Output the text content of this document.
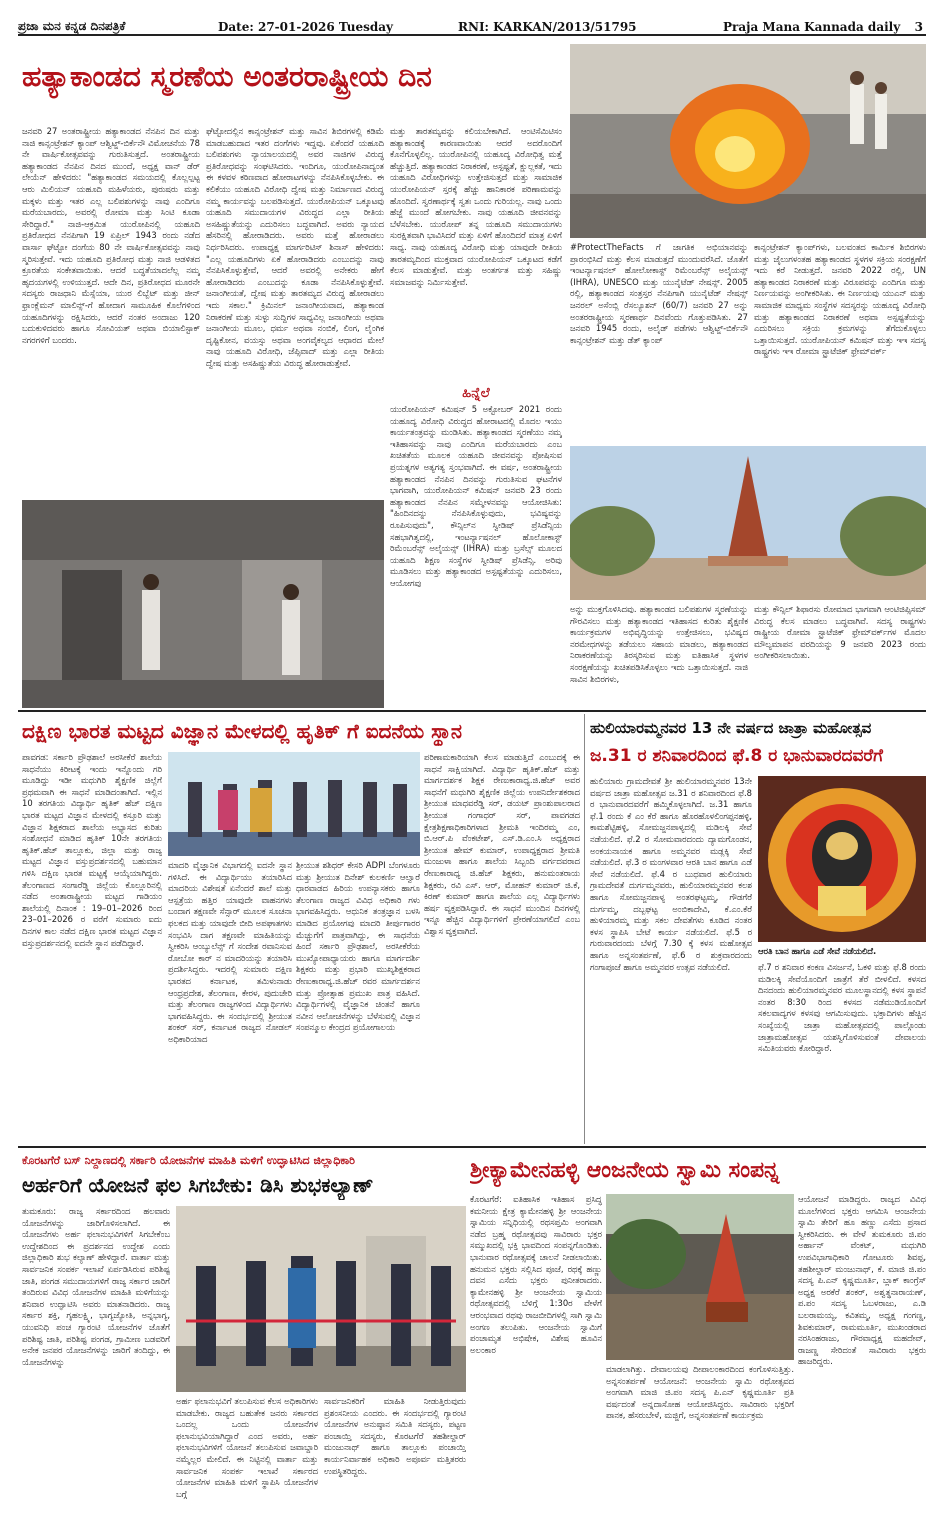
ಪ್ರಜಾ ಮನ ಕನ್ನಡ ದಿನಪತ್ರಿಕೆ	Date: 27-01-2026 Tuesday	RNI: KARKAN/2013/51795	Praja Mana Kannada daily	3
ಹತ್ಯಾಕಾಂಡದ ಸ್ಮರಣೆಯ ಅಂತರರಾಷ್ಟ್ರೀಯ ದಿನ
ಜನವರಿ 27 ಅಂತರಾಷ್ಟ್ರೀಯ ಹತ್ಯಾಕಾಂಡದ ನೆನಪಿನ ದಿನ ಮತ್ತು ನಾಜಿ ಕಾನ್ಸಂಟ್ರೇಶನ್ ಕ್ಯಾಂಪ್ ಆಶ್ವಿಟ್ಜ್-ಬಿರ್ಕೆನೌ ವಿಮೋಚನೆಯ 78 ನೇ ವಾರ್ಷಿಕೋತ್ಸವವನ್ನು ಗುರುತಿಸುತ್ತದೆ. ಅಂತರಾಷ್ಟ್ರೀಯ ಹತ್ಯಾಕಾಂಡದ ನೆನಪಿನ ದಿನದ ಮುಂದೆ, ಅಧ್ಯಕ್ಷ ವಾನ್ ಡೆರ್ ಲೇಯೆನ್ ಹೇಳಿದರು: "ಹತ್ಯಾಕಾಂಡದ ಸಮಯದಲ್ಲಿ ಕೊಲ್ಲಲ್ಪಟ್ಟ ಆರು ಮಿಲಿಯನ್ ಯಹೂದಿ ಮಹಿಳೆಯರು, ಪುರುಷರು ಮತ್ತು ಮಕ್ಕಳು ಮತ್ತು ಇತರ ಎಲ್ಲ ಬಲಿಪಶುಗಳನ್ನು ನಾವು ಎಂದಿಗೂ ಮರೆಯಬಾರದು, ಅವರಲ್ಲಿ ರೋಮಾ ಮತ್ತು ಸಿಂಟಿ ಕೂಡಾ ಸೇರಿದ್ದಾರೆ." ನಾಜಿ-ಆಕ್ರಮಿತ ಯುರೋಪಿನಲ್ಲಿ ಯಹೂದಿ ಪ್ರತಿರೋಧದ ನೆನಪಿಗಾಗಿ 19 ಏಪ್ರಿಲ್ 1943 ರಂದು ನಡೆದ ವಾರ್ಸಾ ಘೆಟ್ಟೋ ದಂಗೆಯ 80 ನೇ ವಾರ್ಷಿಕೋತ್ಸವವನ್ನು ನಾವು ಸ್ಮರಿಸುತ್ತೇವೆ. ಇದು ಯಹೂದಿ ಪ್ರತಿರೋಧ ಮತ್ತು ನಾಜಿ ಆಡಳಿತದ ಕ್ರೂರತೆಯ ಸಂಕೇತವಾಯಿತು. ಆದರೆ ಬದ್ಧತೆಯಾದಲೆಲ್ಲ ನಮ್ಮ ಹೃದಯಗಳಲ್ಲಿ ಉಳಿಯುತ್ತದೆ. ಆದೇ ದಿನ, ಪ್ರತಿರೋಧದ ಮೂರನೇ ಸದಸ್ಯರು ರಾಜಧಾನಿ ಮೆಸ್ಸೆಯಾ, ಯುರ ಲಿಬ್ಬೆಟ್ ಮತ್ತು ಜೀನ್ ಫ್ರಾಂಕ್ಲೆಮನ್ ಮಾಲಿನ್ಸ್-ಗೆ ಹೋದಾಗ ಸಾಮೂಹಿಕ ಕೊಲೆಗಳಿಂದ ಯಹೂದಿಗಳನ್ನು ರಕ್ಷಿಸಿದರು, ಆದರೆ ನಂತರ ಅಂದಾಜು 120 ಬದುಕುಳಿದವರು ಹಾಗೂ ಸೋವಿಯತ್ ಅಥವಾ ಬಿಯಾಲಿಸ್ಟಾಕ್ ನಗರಗಳಿಗೆ ಬಂದರು.
ಘೆಟ್ಟೋದಲ್ಲಿನ ಕಾನ್ಸಂಟ್ರೇಶನ್ ಮತ್ತು ಸಾವಿನ ಶಿಬಿರಗಳಲ್ಲಿ ಕಡಿಮೆ ಮಾಡಬಹುದಾದ ಇತರ ದಂಗೆಗಳು ಇದ್ದವು. ಏಕೆಂದರೆ ಯಹೂದಿ ಬಲಿಪಶುಗಳು ನ್ಯಾಯಾಲಯದಲ್ಲಿ ಅವರ ನಾಜಿಗಳ ವಿರುದ್ಧ ಪ್ರತಿರೋಧವನ್ನು ಸಂಘಟಿಸಿದರು. ಇಂದಿಗೂ, ಯುರೋಪಿನಾದ್ಯಂತ ಈ ಕಳವಳ ಕಠಿಣವಾದ ಹೋರಾಟಗಳನ್ನು ನೆನಪಿಸಿಕೊಳ್ಳಬೇಕು. ಈ ಕಲಿಕೆಯು ಯಹೂದಿ ವಿರೋಧಿ ದ್ವೇಷ ಮತ್ತು ನಿರ್ಮಾಣದ ವಿರುದ್ಧ ನಮ್ಮ ಕಾರ್ಯವನ್ನು ಬಲಪಡಿಸುತ್ತದೆ. ಯುರೋಪಿಯನ್ ಒಕ್ಕೂಟವು ಯಹೂದಿ ಸಮುದಾಯಗಳ ವಿರುದ್ಧದ ಎಲ್ಲಾ ರೀತಿಯ ಅಸಹಿಷ್ಣುತೆಯನ್ನು ಎದುರಿಸಲು ಬದ್ಧವಾಗಿದೆ. ಅವರು ನ್ಯಾಯದ ಹೆಸರಿನಲ್ಲಿ ಹೋರಾಡಿದರು. ಅವರು ಮತ್ತೆ ಹೋರಾಡಲು ನಿರ್ಧರಿಸಿದರು. ಉಪಾಧ್ಯಕ್ಷ ಮಾರ್ಗರಿಟಿಸ್ ಶಿನಾಸ್ ಹೇಳಿದರು: "ಎಲ್ಲ ಯಹೂದಿಗಳು ಏಕೆ ಹೋರಾಡಿದರು ಎಂಬುದನ್ನು ನಾವು ನೆನಪಿಸಿಕೊಳ್ಳುತ್ತೇವೆ, ಆದರೆ ಅವರಲ್ಲಿ ಅನೇಕರು ಹೇಗೆ ಹೋರಾಡಿದರು ಎಂಬುದನ್ನು ಕೂಡಾ ನೆನಪಿಸಿಕೊಳ್ಳುತ್ತೇವೆ. ಜನಾಂಗೀಯತೆ, ದ್ವೇಷ ಮತ್ತು ತಾರತಮ್ಯದ ವಿರುದ್ಧ ಹೋರಾಡಲು ಇದು ಸಕಾಲ." ಕ್ರಿಮಿನಲ್ ಜನಾಂಗೀಯವಾದ, ಹತ್ಯಾಕಾಂಡ ನಿರಾಕರಣೆ ಮತ್ತು ಸುಳ್ಳು ಸುದ್ದಿಗಳ ಸಾಧ್ಯವಿಲ್ಲ ಜನಾಂಗೀಯ ಅಥವಾ ಜನಾಂಗೀಯ ಮೂಲ, ಧರ್ಮ ಅಥವಾ ನಂಬಿಕೆ, ಲಿಂಗ, ಲೈಂಗಿಕ ದೃಷ್ಟಿಕೋನ, ವಯಸ್ಸು ಅಥವಾ ಅಂಗವೈಕಲ್ಯದ ಆಧಾರದ ಮೇಲೆ ನಾವು ಯಹೂದಿ ವಿರೋಧಿ, ಜೆಪ್ಸಿವಾದ್ ಮತ್ತು ಎಲ್ಲಾ ರೀತಿಯ ದ್ವೇಷ ಮತ್ತು ಅಸಹಿಷ್ಣುತೆಯ ವಿರುದ್ಧ ಹೋರಾಡುತ್ತೇವೆ.
ಮತ್ತು ತಾರತಮ್ಯವನ್ನು ಕಲಿಯಬೇಕಾಗಿದೆ. ಆಂಟಿಸೆಮಿಟಿಸಂ ಹತ್ಯಾಕಾಂಡಕ್ಕೆ ಕಾರಣವಾಯಿತು ಆದರೆ ಅದರೊಂದಿಗೆ ಕೊನೆಗೊಳ್ಳಲಿಲ್ಲ. ಯುರೋಪಿನಲ್ಲಿ ಯಹೂದ್ಯ ವಿರೋಧಿತ್ವ ಮತ್ತೆ ಹೆಚ್ಚುತ್ತಿದೆ. ಹತ್ಯಾಕಾಂಡದ ನಿರಾಕರಣೆ, ಅಸ್ಪಷ್ಟತೆ, ಕ್ಷುಲ್ಲಕತೆ, ಇದು ಯಹೂದಿ ವಿರೋಧಿಗಳನ್ನು ಉತ್ತೇಜಿಸುತ್ತದೆ ಮತ್ತು ಸಾಮಾಜಿಕ ಯುರೋಪಿಯನ್ ಸ್ತರಕ್ಕೆ ಹೆಚ್ಚು ಹಾನಿಕಾರಕ ಪರಿಣಾಮವನ್ನು ಹೊಂದಿದೆ. ಸ್ವರಣಾರ್ಥಕ್ಕೆ ಸ್ವತಃ ಒಂದು ಗುರಿಯಲ್ಲ. ನಾವು ಒಂದು ಹೆಜ್ಜೆ ಮುಂದೆ ಹೋಗಬೇಕು. ನಾವು ಯಹೂದಿ ಜೀವನವನ್ನು ಬೆಳೆಸಬೇಕು. ಯುರೋಪ್ ತನ್ನ ಯಹೂದಿ ಸಮುದಾಯಗಳು ಸುರಕ್ಷಿತವಾಗಿ ಭಾವಿಸಿದರೆ ಮತ್ತು ಏಳಿಗೆ ಹೊಂದಿದರೆ ಮಾತ್ರ ಏಳಿಗೆ ಸಾಧ್ಯ. ನಾವು ಯಹೂದ್ಯ ವಿರೋಧಿ ಮತ್ತು ಯಾವುದೇ ರೀತಿಯ ತಾರತಮ್ಯದಿಂದ ಮುಕ್ತವಾದ ಯುರೋಪಿಯನ್ ಒಕ್ಕೂಟದ ಕಡೆಗೆ ಕೆಲಸ ಮಾಡುತ್ತೇವೆ. ಮತ್ತು ಅಂತರ್ಗತ ಮತ್ತು ಸಹಿಷ್ಣು ಸಮಾಜವನ್ನು ನಿರ್ಮಿಸುತ್ತೇವೆ.
ಹಿನ್ನೆಲೆ
ಯುರೋಪಿಯನ್ ಕಮಿಷನ್ 5 ಅಕ್ಟೋಬರ್ 2021 ರಂದು ಯಹೂದ್ಯ ವಿರೋಧಿ ವಿರುದ್ಧದ ಹೋರಾಟದಲ್ಲಿ ಮೊದಲ ಇಯು ಕಾರ್ಯತಂತ್ರವನ್ನು ಮಂಡಿಸಿತು. ಹತ್ಯಾಕಾಂಡದ ಸ್ಮರಣೆಯು ನಮ್ಮ ಇತಿಹಾಸವನ್ನು ನಾವು ಎಂದಿಗೂ ಮರೆಯಬಾರದು ಎಂಬ ಖಚಿತತೆಯ ಮೂಲಕ ಯಹೂದಿ ಜೀವನವನ್ನು ಪೋಷಿಸುವ ಪ್ರಯತ್ನಗಳ ಅತ್ಯಗತ್ಯ ಸ್ತಂಭವಾಗಿದೆ. ಈ ವರ್ಷ, ಅಂತರಾಷ್ಟ್ರೀಯ ಹತ್ಯಾಕಾಂಡದ ನೆನಪಿನ ದಿನವನ್ನು ಗುರುತಿಸುವ ಘಟನೆಗಳ ಭಾಗವಾಗಿ, ಯುರೋಪಿಯನ್ ಕಮಿಷನ್ ಜನವರಿ 23 ರಂದು ಹತ್ಯಾಕಾಂಡದ ನೆನಪಿನ ಸಮ್ಮೇಳನವನ್ನು ಆಯೋಜಿಸಿತು: "ಹಿಂದಿನದನ್ನು ನೆನಪಿಸಿಕೊಳ್ಳುವುದು, ಭವಿಷ್ಯವನ್ನು ರೂಪಿಸುವುದು", ಕೌನ್ಸಿಲ್‌ನ ಸ್ವೀಡಿಷ್ ಪ್ರೆಸಿಡೆನ್ಸಿಯ ಸಹಭಾಗಿತ್ವದಲ್ಲಿ, ಇಂಟರ್ನ್ಯಾಷನಲ್ ಹೊಲೋಕಾಸ್ಟ್ ರಿಮೆಂಬರೆನ್ಸ್ ಅಲೈಯನ್ಸ್ (IHRA) ಮತ್ತು ಬ್ರಸೆಲ್ಸ್ ಮೂಲದ ಯಹೂದಿ ಶಿಕ್ಷಣ ಸಂಸ್ಥೆಗಳ ಸ್ವೀಡಿಷ್ ಪ್ರೆಸಿಡೆನ್ಸಿ. ಅರಿವು ಮೂಡಿಸಲು ಮತ್ತು ಹತ್ಯಾಕಾಂಡದ ಅಸ್ಪಷ್ಟತೆಯನ್ನು ಎದುರಿಸಲು, ಆಯೋಗವು
#ProtectTheFacts ಗೆ ಜಾಗತಿಕ ಅಭಿಯಾನವನ್ನು ಪ್ರಾರಂಭಿಸಿದೆ ಮತ್ತು ಕೆಲಸ ಮಾಡುತ್ತದೆ ಮುಂದುವರೆಸಿದೆ. ಜೊತೆಗೆ ಇಂಟರ್ನ್ಯಾಷನಲ್ ಹೋಲೋಕಾಸ್ಟ್ ರಿಮೆಂಬರೆನ್ಸ್ ಅಲೈಯನ್ಸ್ (IHRA), UNESCO ಮತ್ತು ಯುನೈಟೆಡ್ ನೇಷನ್ಸ್. 2005 ರಲ್ಲಿ, ಹತ್ಯಾಕಾಂಡದ ಸಂತ್ರಸ್ತರ ನೆನಪಿಗಾಗಿ ಯುನೈಟೆಡ್ ನೇಷನ್ಸ್ ಜನರಲ್ ಅಸೆಂಬ್ಲಿ ರೆಸಲ್ಯೂಶನ್ (60/7) ಜನವರಿ 27 ಅನ್ನು ಅಂತರರಾಷ್ಟ್ರೀಯ ಸ್ಮರಣಾರ್ಥ ದಿನವೆಂದು ಗೊತ್ತುಪಡಿಸಿತು. 27 ಜನವರಿ 1945 ರಂದು, ಅಲೈಡ್ ಪಡೆಗಳು ಆಶ್ವಿಟ್ಜ್-ಬಿರ್ಕೆನೌ ಕಾನ್ಸಂಟ್ರೇಶನ್ ಮತ್ತು ಡೆತ್ ಕ್ಯಾಂಪ್
ಕಾನ್ಸಂಟ್ರೇಶನ್ ಕ್ಯಾಂಪ್‌ಗಳು, ಬಲವಂತದ ಕಾರ್ಮಿಕ ಶಿಬಿರಗಳು ಮತ್ತು ಜೈಲುಗಳಂತಹ ಹತ್ಯಾಕಾಂಡದ ಸ್ಥಳಗಳ ಸಕ್ರಿಯ ಸಂರಕ್ಷಣೆಗೆ ಇದು ಕರೆ ನೀಡುತ್ತದೆ. ಜನವರಿ 2022 ರಲ್ಲಿ, UN ಹತ್ಯಾಕಾಂಡದ ನಿರಾಕರಣೆ ಮತ್ತು ವಿರೂಪವನ್ನು ಎಂದಿಗೂ ಮತ್ತು ನಿರ್ಣಯವನ್ನು ಅಂಗೀಕರಿಸಿತು. ಈ ನಿರ್ಣಯವು ಯುಎನ್ ಮತ್ತು ಸಾಮಾಜಿಕ ಮಾಧ್ಯಮ ಸಂಸ್ಥೆಗಳ ಸದಸ್ಯರನ್ನು ಯಹೂದ್ಯ ವಿರೋಧಿ ಮತ್ತು ಹತ್ಯಾಕಾಂಡದ ನಿರಾಕರಣೆ ಅಥವಾ ಅಸ್ಪಷ್ಟತೆಯನ್ನು ಎದುರಿಸಲು ಸಕ್ರಿಯ ಕ್ರಮಗಳನ್ನು ತೆಗೆದುಕೊಳ್ಳಲು ಒತ್ತಾಯಿಸುತ್ತದೆ. ಯುರೋಪಿಯನ್ ಕಮಿಷನ್ ಮತ್ತು ಇಇ ಸದಸ್ಯ ರಾಷ್ಟ್ರಗಳು ಇಇ ರೋಮಾ ಸ್ಟ್ರಾಟೆಜಿಕ್ ಫ್ರೇಮ್‌ವರ್ಕ್
ಅನ್ನು ಮುಕ್ತಗೊಳಿಸಿದವು. ಹತ್ಯಾಕಾಂಡದ ಬಲಿಪಶುಗಳ ಸ್ಮರಣೆಯನ್ನು ಗೌರವಿಸಲು ಮತ್ತು ಹತ್ಯಾಕಾಂಡದ ಇತಿಹಾಸದ ಕುರಿತು ಶೈಕ್ಷಣಿಕ ಕಾರ್ಯಕ್ರಮಗಳ ಅಭಿವೃದ್ಧಿಯನ್ನು ಉತ್ತೇಜಿಸಲು, ಭವಿಷ್ಯದ ನರಮೇಧಗಳನ್ನು ತಡೆಯಲು ಸಹಾಯ ಮಾಡಲು, ಹತ್ಯಾಕಾಂಡದ ನಿರಾಕರಣೆಯನ್ನು ತಿರಸ್ಕರಿಸುವ ಮತ್ತು ಐತಿಹಾಸಿಕ ಸ್ಥಳಗಳ ಸಂರಕ್ಷಣೆಯನ್ನು ಖಚಿತಪಡಿಸಿಕೊಳ್ಳಲು ಇದು ಒತ್ತಾಯಿಸುತ್ತದೆ. ನಾಜಿ ಸಾವಿನ ಶಿಬಿರಗಳು,
ಮತ್ತು ಕೌನ್ಸಿಲ್ ಶಿಫಾರಸು ರೋಮಾದ ಭಾಗವಾಗಿ ಆಂಟಿಜಿಪ್ಸಿಸಮ್ ವಿರುದ್ಧ ಕೆಲಸ ಮಾಡಲು ಬದ್ಧವಾಗಿವೆ. ಸದಸ್ಯ ರಾಷ್ಟ್ರಗಳು ರಾಷ್ಟ್ರೀಯ ರೋಮಾ ಸ್ಟ್ರಾಟೆಜಿಕ್ ಫ್ರೇಮ್‌ವರ್ಕ್‌ಗಳ ಮೊದಲ ಮೌಲ್ಯಮಾಪನ ವರದಿಯನ್ನು 9 ಜನವರಿ 2023 ರಂದು ಅಂಗೀಕರಿಸಲಾಯಿತು.
ದಕ್ಷಿಣ ಭಾರತ ಮಟ್ಟದ ವಿಜ್ಞಾನ ಮೇಳದಲ್ಲಿ ಹೃತಿಕ್ ಗೆ ಐದನೆಯ ಸ್ಥಾನ
ಪಾವಗಡ: ಸರ್ಕಾರಿ ಪ್ರೌಢಶಾಲೆ ಅರಸೀಕೆರೆ ಶಾಲೆಯ ಸಾಧನೆಯು ಕಿರೀಟಕ್ಕೆ ಇಂದು ಇನ್ನೊಂದು ಗರಿ ಮೂಡಿದ್ದು ಇಡೀ ಮಧುಗಿರಿ ಶೈಕ್ಷಣಿಕ ಜಿಲ್ಲೆಗೆ ಪ್ರಥಮವಾಗಿ ಈ ಸಾಧನೆ ಮಾಡಿದಂತಾಗಿದೆ. ಇಲ್ಲಿನ 10 ತರಗತಿಯ ವಿದ್ಯಾರ್ಥಿ ಹೃತಿಕ್ ಹೆಚ್ ದಕ್ಷಿಣ ಭಾರತ ಮಟ್ಟದ ವಿಜ್ಞಾನ ಮೇಳದಲ್ಲಿ ಕಸ್ತೂರಿ ಮತ್ತು ವಿಜ್ಞಾನ ಶಿಕ್ಷಕರಾದ ಶಾಲೆಯ ಅಭ್ಯಾಸದ ಕುರಿತು ಸಂಶೋಧನೆ ಮಾಡಿದ ಹೃತಿಕ್ 10ನೇ ತರಗತಿಯ ಹೃತಿಕ್.ಹೆಚ್ ತಾಲ್ಲೂಕು, ಜಿಲ್ಲಾ ಮತ್ತು ರಾಜ್ಯ ಮಟ್ಟದ ವಿಜ್ಞಾನ ವಸ್ತುಪ್ರದರ್ಶನದಲ್ಲಿ ಬಹುಮಾನ ಗಳಿಸಿ ದಕ್ಷಿಣ ಭಾರತ ಮಟ್ಟಕ್ಕೆ ಆಯ್ಕೆಯಾಗಿದ್ದರು. ತೆಲಂಗಾಣದ ಸಂಗಾರೆಡ್ಡಿ ಜಿಲ್ಲೆಯ ಕೊಲ್ಲೂರಿನಲ್ಲಿ ನಡೆದ ಅಂತಾರಾಷ್ಟ್ರೀಯ ಮಟ್ಟದ ಗಾಡಿಯಂ ಶಾಲೆಯಲ್ಲಿ ದಿನಾಂಕ : 19–01–2026 ರಿಂದ 23–01–2026 ರ ವರೆಗೆ ಸುಮಾರು ಐದು ದಿನಗಳ ಕಾಲ ನಡೆದ ದಕ್ಷಿಣ ಭಾರತ ಮಟ್ಟದ ವಿಜ್ಞಾನ ವಸ್ತುಪ್ರದರ್ಶನದಲ್ಲಿ ಐದನೇ ಸ್ಥಾನ ಪಡೆದಿದ್ದಾರೆ.
ಮಾದರಿ ವೈಜ್ಞಾನಿಕ ವಿಭಾಗದಲ್ಲಿ ಐದನೇ ಸ್ಥಾನ ಗಳಿಸಿದೆ. ಈ ವಿದ್ಯಾರ್ಥಿಯು ತಯಾರಿಸಿದ ಮಾದರಿಯ ವಿಶೇಷತೆ ಏನೆಂದರೆ ಶಾಲೆ ಮತ್ತು ಆಸ್ಪತ್ರೆಯ ಹತ್ತಿರ ಯಾವುದೇ ವಾಹನಗಳು ಬಂದಾಗ ತಕ್ಷಣವೇ ಸೆನ್ಸಾರ್ ಮೂಲಕ ಸೂಚನಾ ಫಲಕದ ಮತ್ತು ಯಾವುದೇ ಬೀದಿ ಅಪಘಾತಗಳು ಸಂಭವಿಸಿ ದಾಗ ತಕ್ಷಣವೇ ಮಾಹಿತಿಯನ್ನು ಸ್ವೀಕರಿಸಿ ಆಂಬ್ಯುಲೆನ್ಸ್ ಗೆ ಸಂದೇಶ ರವಾನಿಸುವ ರೋಬೋ ಕಾರ್ ನ ಮಾದರಿಯನ್ನು ತಯಾರಿಸಿ ಪ್ರದರ್ಶಿಸಿದ್ದರು. ಇದರಲ್ಲಿ ಸುಮಾರು ದಕ್ಷಿಣ ಭಾರತದ ಕರ್ನಾಟಕ, ತಮಿಳುನಾಡು ಆಂಧ್ರಪ್ರದೇಶ, ತೆಲಂಗಾಣ, ಕೇರಳ, ಪುದುಚೇರಿ ಮತ್ತು ತೆಲಂಗಾಣ ರಾಜ್ಯಗಳಿಂದ ವಿದ್ಯಾರ್ಥಿಗಳು ಭಾಗವಹಿಸಿದ್ದರು. ಈ ಸಂದರ್ಭದಲ್ಲಿ ಶ್ರೀಯುತ ಶಂಕರ್ ಸರ್, ಕರ್ನಾಟಕ ರಾಜ್ಯದ ನೋಡಲ್ ಅಧಿಕಾರಿಯಾದ
ಶ್ರೀಯುತ ಶಶಿಧರ್ ಕೇಸರಿ ADPI ಬೆಂಗಳೂರು ಮತ್ತು ಶ್ರೀಯುತ ದಿನೇಶ್ ಕುಲಕರ್ಣಿ ಆಲ್ವಾರೆ ಧಾರವಾಡದ ಹಿರಿಯ ಉಪನ್ಯಾಸಕರು ಹಾಗೂ ತೆಲಂಗಾಣ ರಾಜ್ಯದ ವಿವಿಧ ಅಧಿಕಾರಿ ಗಳು ಭಾಗವಹಿಸಿದ್ದರು. ಆಧುನಿಕ ತಂತ್ರಜ್ಞಾನ ಬಳಸಿ ಮಾಡಿದ ಪ್ರಯೋಗವು ಮಾದರಿ ತೀರ್ಪುಗಾರರ ಮೆಚ್ಚುಗೆಗೆ ಪಾತ್ರವಾಗಿದ್ದು, ಈ ಸಾಧನೆಯ ಹಿಂದೆ ಸರ್ಕಾರಿ ಪ್ರೌಢಶಾಲೆ, ಅರಸೀಕೆರೆಯ ಮುಖ್ಯೋಪಾಧ್ಯಾಯರು ಹಾಗೂ ಮಾರ್ಗದರ್ಶಿ ಶಿಕ್ಷಕರು ಮತ್ತು ಪ್ರಭಾರಿ ಮುಖ್ಯಶಿಕ್ಷಕರಾದ ರೇಣುಕಾರಾಧ್ಯ.ಜಿ.ಹೆಚ್ ರವರ ಮಾರ್ಗದರ್ಶನ ಮತ್ತು ಪ್ರೋತ್ಸಾಹ ಪ್ರಮುಖ ಪಾತ್ರ ವಹಿಸಿದೆ. ವಿದ್ಯಾರ್ಥಿಗಳಲ್ಲಿ ವೈಜ್ಞಾನಿಕ ಚಿಂತನೆ ಹಾಗೂ ನವೀನ ಆಲೋಚನೆಗಳನ್ನು ಬೆಳೆಸುವಲ್ಲಿ ವಿಜ್ಞಾನ ಸಂಪನ್ಮೂಲ ಕೇಂದ್ರದ ಪ್ರಯೋಗಾಲಯ
ಪರಿಣಾಮಕಾರಿಯಾಗಿ ಕೆಲಸ ಮಾಡುತ್ತಿದೆ ಎಂಬುದಕ್ಕೆ ಈ ಸಾಧನೆ ಸಾಕ್ಷಿಯಾಗಿದೆ. ವಿದ್ಯಾರ್ಥಿ ಹೃತಿಕ್.ಹೆಚ್ ಮತ್ತು ಮಾರ್ಗದರ್ಶಕ ಶಿಕ್ಷಕ ರೇಣುಕಾರಾಧ್ಯ.ಜಿ.ಹೆಚ್ ಅವರ ಸಾಧನೆಗೆ ಮಧುಗಿರಿ ಶೈಕ್ಷಣಿಕ ಜಿಲ್ಲೆಯ ಉಪನಿರ್ದೇಶಕರಾದ ಶ್ರೀಯುತ ಮಾಧವರೆಡ್ಡಿ ಸರ್, ಡಯಟ್ ಪ್ರಾಂಶುಪಾಲರಾದ ಶ್ರೀಯುತ ಗಂಗಾಧರ್ ಸರ್, ಪಾವಗಡದ ಕ್ಷೇತ್ರಶಿಕ್ಷಣಾಧಿಕಾರಿಗಳಾದ ಶ್ರೀಮತಿ ಇಂದಿರಮ್ಮ ಎಂ, ಬಿ.ಆರ್.ಪಿ ವೆಂಕಟೇಶ್, ಎಸ್.ಡಿ.ಎಂ.ಸಿ ಅಧ್ಯಕ್ಷರಾದ ಶ್ರೀಯುತ ಹೇಮ್ ಕುಮಾರ್, ಉಪಾಧ್ಯಕ್ಷರಾದ ಶ್ರೀಮತಿ ಮಂಜುಳಾ ಹಾಗೂ ಶಾಲೆಯ ಸಿಬ್ಬಂದಿ ವರ್ಗದವರಾದ ರೇಣುಕಾರಾಧ್ಯ ಜಿ.ಹೆಚ್ ಶಿಕ್ಷಕರು, ಹನುಮಂತರಾಯ ಶಿಕ್ಷಕರು, ರವಿ ಎಸ್. ಆರ್, ಮೋಹನ್ ಕುಮಾರ್ ಜಿ.ಕೆ, ಕಿರಣ್ ಕುಮಾರ್ ಹಾಗೂ ಶಾಲೆಯ ಎಲ್ಲ ವಿದ್ಯಾರ್ಥಿಗಳು ಹರ್ಷ ವ್ಯಕ್ತಪಡಿಸಿದ್ದಾರೆ. ಈ ಸಾಧನೆ ಮುಂದಿನ ದಿನಗಳಲ್ಲಿ ಇನ್ನೂ ಹೆಚ್ಚಿನ ವಿದ್ಯಾರ್ಥಿಗಳಿಗೆ ಪ್ರೇರಣೆಯಾಗಲಿದೆ ಎಂಬ ವಿಶ್ವಾಸ ವ್ಯಕ್ತವಾಗಿದೆ.
ಹುಲಿಯಾರಮ್ಮನವರ 13 ನೇ ವರ್ಷದ ಜಾತ್ರಾ ಮಹೋತ್ಸವ
ಜ.31 ರ ಶನಿವಾರದಿಂದ ಫೆ.8 ರ ಭಾನುವಾರದವರೆಗೆ
ಹುಲಿಯಾರು ಗ್ರಾಮದೇವತೆ ಶ್ರೀ ಹುಲಿಯಾರಮ್ಮನವರ 13ನೇ ವರ್ಷದ ಜಾತ್ರಾ ಮಹೋತ್ಸವ ಜ.31 ರ ಶನಿವಾರದಿಂದ ಫೆ.8 ರ ಭಾನುವಾರದವರೆಗೆ ಹಮ್ಮಿಕೊಳ್ಳಲಾಗಿದೆ. ಜ.31 ಹಾಗೂ ಫೆ.1 ರಂದು ಕೆ ಎಂ ಕೆರೆ ಹಾಗೂ ಹೊರಹೊಳಲಿಂಗಪ್ಪನಹಳ್ಳಿ, ಕಾಮಶೆಟ್ಟಿಹಳ್ಳಿ, ಸೋಮಜ್ಜನಪಾಳ್ಯದಲ್ಲಿ ಮಡಿಲಕ್ಕಿ ಸೇವೆ ನಡೆಯಲಿದೆ. ಫೆ.2 ರ ಸೋಮವಾರದಂದು ದ್ಯಾಮಗೊಂಡನ, ಅಂಕಯನಾಯಕ ಹಾಗೂ ಅಮ್ಮನವರ ಮಡ್ಲಕ್ಕಿ ಸೇವೆ ನಡೆಯಲಿದೆ. ಫೆ.3 ರ ಮಂಗಳವಾರ ಆರತಿ ಬಾನ ಹಾಗೂ ಎಡೆ ಸೇವೆ ನಡೆಯಲಿದೆ. ಫೆ.4 ರ ಬುಧವಾರ ಹುಲಿಯಾರು ಗ್ರಾಮದೇವತೆ ದುರ್ಗಮ್ಮನವರು, ಹುಲಿಯಾರಮ್ಮನವರ ಕಲಶ ಹಾಗೂ ಸೋಮಜ್ಜನಪಾಳ್ಯ ಅಂತರಘಟ್ಟಮ್ಮ, ಗೌಡಗೆರೆ ದುರ್ಗಮ್ಮ, ದಬ್ಬಘಟ್ಟ ಅಂಬಿಕಾದೇವಿ, ಕೆ.ಎಂ.ಕೆರೆ ಹುಳಿಯಾರಮ್ಮ ಮತ್ತು ಸಕಲ ದೇವತೆಗಳು ಕೂಡಿದ ನಂತರ ಕಳಸ ಸ್ಥಾಪಿಸಿ ಬೇಟೆ ಕಾರ್ಯ ನಡೆಯಲಿದೆ. ಫೆ.5 ರ ಗುರುವಾರದಂದು ಬೆಳಗ್ಗೆ 7.30 ಕ್ಕೆ ಕಳಸ ಮಹೋತ್ಸವ ಹಾಗೂ ಅನ್ನಸಂತರ್ಪಣೆ, ಫೆ.6 ರ ಶುಕ್ರವಾರದಂದು ಗಂಗಾಪೂಜೆ ಹಾಗೂ ಅಮ್ಮನವರ ಉತ್ಸವ ನಡೆಯಲಿದೆ.
ಆರತಿ ಬಾನ ಹಾಗೂ ಎಡೆ ಸೇವೆ ನಡೆಯಲಿದೆ.
ಫೆ.7 ರ ಶನಿವಾರ ಕಂಕಣ ವಿಸರ್ಜನೆ, ಓಕಳಿ ಮತ್ತು ಫೆ.8 ರಂದು ಮಡಿಲಕ್ಕಿ ಸೇವೆಯೊಂದಿಗೆ ಜಾತ್ರೆಗೆ ತೆರೆ ಬೀಳಲಿದೆ. ಕಳಸದ ದಿನದಂದು ಹುಲಿಯಾರಮ್ಮನವರ ಮೂಲಸ್ಥಾನದಲ್ಲಿ ಕಳಸ ಸ್ಥಾಪನೆ ನಂತರ 8:30 ರಿಂದ ಕಳಸದ ನಡೆಮುಡಿಯೊಂದಿಗೆ ಸಕಲವಾದ್ಯಗಳ ಕಳಸವು ಆಗಮಿಸುವುದು. ಭಕ್ತಾದಿಗಳು ಹೆಚ್ಚಿನ ಸಂಖ್ಯೆಯಲ್ಲಿ ಜಾತ್ರಾ ಮಹೋತ್ಸವದಲ್ಲಿ ಪಾಲ್ಗೊಂಡು ಜಾತ್ರಾಮಹೋತ್ಸವ ಯಶಸ್ವಿಗೊಳಿಸುವಂತೆ ದೇವಾಲಯ ಸಮಿತಿಯವರು ಕೋರಿದ್ದಾರೆ.
ಕೊರಟಗೆರೆ ಬಸ್ ನಿಲ್ದಾಣದಲ್ಲಿ ಸರ್ಕಾರಿ ಯೋಜನೆಗಳ ಮಾಹಿತಿ ಮಳಿಗೆ ಉದ್ಘಾಟಿಸಿದ ಜಿಲ್ಲಾಧಿಕಾರಿ
ಅರ್ಹರಿಗೆ ಯೋಜನೆ ಫಲ ಸಿಗಬೇಕು: ಡಿಸಿ ಶುಭಕಲ್ಯಾಣ್
ತುಮಕೂರು: ರಾಜ್ಯ ಸರ್ಕಾರದಿಂದ ಹಲವಾರು ಯೋಜನೆಗಳನ್ನು ಜಾರಿಗೊಳಿಸಲಾಗಿದೆ. ಈ ಯೋಜನೆಗಳು ಅರ್ಹ ಫಲಾನುಭವಿಗಳಿಗೆ ಸಿಗಬೇಕೆಂಬ ಉದ್ದೇಶದಿಂದ ಈ ಪ್ರದರ್ಶನದ ಉದ್ದೇಶ ಎಂದು ಜಿಲ್ಲಾಧಿಕಾರಿ ಶುಭ ಕಲ್ಯಾಣ್ ಹೇಳಿದ್ದಾರೆ. ವಾರ್ತಾ ಮತ್ತು ಸಾರ್ವಜನಿಕ ಸಂಪರ್ಕ ಇಲಾಖೆ ಏರ್ಪಡಿಸಿರುವ ಪರಿಶಿಷ್ಟ ಜಾತಿ, ಪಂಗಡ ಸಮುದಾಯಗಳಿಗೆ ರಾಜ್ಯ ಸರ್ಕಾರ ಜಾರಿಗೆ ತಂದಿರುವ ವಿವಿಧ ಯೋಜನೆಗಳ ಮಾಹಿತಿ ಮಳಿಗೆಯನ್ನು ಶನಿವಾರ ಉದ್ಘಾಟಿಸಿ ಅವರು ಮಾತನಾಡಿದರು. ರಾಜ್ಯ ಸರ್ಕಾರ ಶಕ್ತಿ, ಗೃಹಲಕ್ಷ್ಮಿ, ಭಾಗ್ಯಜ್ಯೋತಿ, ಅನ್ನಭಾಗ್ಯ, ಯುವನಿಧಿ ಪಂಚ ಗ್ಯಾರಂಟಿ ಯೋಜನೆಗಳ ಜೊತೆಗೆ ಪರಿಶಿಷ್ಟ ಜಾತಿ, ಪರಿಶಿಷ್ಟ ಪಂಗಡ, ಗ್ರಾಮೀಣ ಬಡವರಿಗೆ ಅನೇಕ ಜನಪರ ಯೋಜನೆಗಳನ್ನು ಜಾರಿಗೆ ತಂದಿದ್ದು, ಈ ಯೋಜನೆಗಳನ್ನು
ಅರ್ಹ ಫಲಾನುಭವಿಗೆ ತಲುಪಿಸುವ ಕೆಲಸ ಅಧಿಕಾರಿಗಳು ಮಾಡಬೇಕು. ರಾಜ್ಯದ ಬಹುತೇಕ ಜನರು ಸರ್ಕಾರದ ಒಂದಲ್ಲ ಒಂದು ಯೋಜನೆಗಳ ಫಲಾನುಭವಿಯಾಗಿದ್ದಾರೆ ಎಂದ ಅವರು, ಅರ್ಹ ಫಲಾನುಭವಿಗಳಿಗೆ ಯೋಜನೆ ತಲುಪಿಸುವ ಜವಾಬ್ದಾರಿ ನಮ್ಮೆಲ್ಲರ ಮೇಲಿದೆ. ಈ ನಿಟ್ಟಿನಲ್ಲಿ ವಾರ್ತಾ ಮತ್ತು ಸಾರ್ವಜನಿಕ ಸಂಪರ್ಕ ಇಲಾಖೆ ಸರ್ಕಾರದ ಯೋಜನೆಗಳ ಮಾಹಿತಿ ಮಳಿಗೆ ಸ್ಥಾಪಿಸಿ ಯೋಜನೆಗಳ ಬಗ್ಗೆ
ಸಾರ್ವಜನಿಕರಿಗೆ ಮಾಹಿತಿ ನೀಡುತ್ತಿರುವುದು ಪ್ರಶಂಸನೀಯ ಎಂದರು. ಈ ಸಂದರ್ಭದಲ್ಲಿ ಗ್ಯಾರಂಟಿ ಯೋಜನೆಗಳ ಅನುಷ್ಠಾನ ಸಮಿತಿ ಸದಸ್ಯರು, ಪಟ್ಟಣ ಪಂಚಾಯ್ತಿ ಸದಸ್ಯರು, ಕೊರಟಗೆರೆ ತಹಶೀಲ್ದಾರ್ ಮಂಜುನಾಥ್ ಹಾಗೂ ತಾಲ್ಲೂಕು ಪಂಚಾಯ್ತಿ ಕಾರ್ಯನಿರ್ವಾಹಕ ಅಧಿಕಾರಿ ಅಪೂರ್ವ ಮತ್ತಿತರರು ಉಪಸ್ಥಿತರಿದ್ದರು.
ಶ್ರೀಕ್ಯಾಮೇನಹಳ್ಳಿ ಆಂಜನೇಯ ಸ್ವಾಮಿ ಸಂಪನ್ನ
ಕೊರಟಗೆರೆ: ಐತಿಹಾಸಿಕ ಇತಿಹಾಸ ಪ್ರಸಿದ್ಧ ಕಮನೀಯ ಕ್ಷೇತ್ರ ಕ್ಯಾಮೇನಹಳ್ಳಿ ಶ್ರೀ ಆಂಜನೇಯ ಸ್ವಾಮಿಯ ಸನ್ನಿಧಿಯಲ್ಲಿ ರಥಸಪ್ತಮಿ ಅಂಗವಾಗಿ ನಡೆದ ಬ್ರಹ್ಮ ರಥೋತ್ಸವವು ಸಾವಿರಾರು ಭಕ್ತರ ಸಮ್ಮುಖದಲ್ಲಿ ಭಕ್ತಿ ಭಾವದಿಂದ ಸಂಪನ್ನಗೊಂಡಿತು. ಭಾನುವಾರ ರಥೋತ್ಸವಕ್ಕೆ ಚಾಲನೆ ನೀಡಲಾಯಿತು. ಹನುಮನ ಭಕ್ತರು ಸಲ್ಲಿಸಿದ ಪೂಜೆ, ರಥಕ್ಕೆ ಹಣ್ಣು ದವನ ಎಸೆದು ಭಕ್ತರು ಪುನೀತರಾದರು. ಕ್ಯಾಮೇನಹಳ್ಳಿ ಶ್ರೀ ಆಂಜನೇಯ ಸ್ವಾಮಿಯ ರಥೋತ್ಸವದಲ್ಲಿ ಬೆಳಿಗ್ಗೆ 1:30ರ ವೇಳೆಗೆ ಆರಂಭವಾದ ರಥವು ರಾಜಬೀದಿಗಳಲ್ಲಿ ಸಾಗಿ ಸ್ವಾಮಿ ಅಂಗಣ ತಲುಪಿತು. ಆಂಜನೇಯ ಸ್ವಾಮಿಗೆ ಪಂಚಾಮೃತ ಅಭಿಷೇಕ, ವಿಶೇಷ ಹೂವಿನ ಅಲಂಕಾರ
ಮಾಡಲಾಗಿತ್ತು. ದೇವಾಲಯವು ದೀಪಾಲಂಕಾರದಿಂದ ಕಂಗೊಳಿಸುತ್ತಿತ್ತು. ಅನ್ನಸಂತರ್ಪಣೆ ಆಯೋಜನೆ: ಆಂಜನೇಯ ಸ್ವಾಮಿ ರಥೋತ್ಸವದ ಅಂಗವಾಗಿ ಮಾಜಿ ಜಿ.ಪಂ ಸದಸ್ಯ ಪಿ.ಎನ್ ಕೃಷ್ಣಮೂರ್ತಿ ಪ್ರತಿ ವರ್ಷದಂತೆ ಅನ್ನದಾಸೋಹ ಆಯೋಜಿಸಿದ್ದರು. ಸಾವಿರಾರು ಭಕ್ತರಿಗೆ ಪಾನಕ, ಹೆಸರುಬೇಳೆ, ಮಜ್ಜಿಗೆ, ಅನ್ನಸಂತರ್ಪಣೆ ಕಾರ್ಯಕ್ರಮ
ಆಯೋಜನೆ ಮಾಡಿದ್ದರು. ರಾಜ್ಯದ ವಿವಿಧ ಮೂಲೆಗಳಿಂದ ಭಕ್ತರು ಆಗಮಿಸಿ ಆಂಜನೇಯ ಸ್ವಾಮಿ ತೇರಿಗೆ ಹೂ ಹಣ್ಣು ಎಸೆದು ಪ್ರಸಾದ ಸ್ವೀಕರಿಸಿದರು. ಈ ವೇಳೆ ತುಮಕೂರು ಜಿ.ಪಂ ಅರ್ಹಾನ್ ವೆಂಕಟ್, ಮಧುಗಿರಿ ಉಪವಿಭಾಗಾಧಿಕಾರಿ ಗೋಟೂರು ಶಿವಪ್ಪ, ತಹಶೀಲ್ದಾರ್ ಮಂಜುನಾಥ್, ಕೆ. ಮಾಜಿ ಜಿ.ಪಂ ಸದಸ್ಯ ಪಿ.ಎನ್ ಕೃಷ್ಣಮೂರ್ತಿ, ಬ್ಲಾಕ್ ಕಾಂಗ್ರೆಸ್ ಅಧ್ಯಕ್ಷ ಅರಕೆರೆ ಶಂಕರ್, ಅಶ್ವತ್ಥನಾರಾಯಣ್, ಪ.ಪಂ ಸದಸ್ಯ ಓಬಳರಾಜು, ಎ.ಡಿ ಬಲರಾಮಯ್ಯ, ಕವಿತಮ್ಮ, ಅಧ್ಯಕ್ಷ ಗಂಗಣ್ಣ, ಶಿವಕುಮಾರ್, ರಾಮಮೂರ್ತಿ, ಮುಖಂಡರಾದ ನರಸಿಂಹರಾಜು, ಗೌರವಾಧ್ಯಕ್ಷ ಮಹದೇವ್, ರಾಜಣ್ಣ ಸೇರಿದಂತೆ ಸಾವಿರಾರು ಭಕ್ತರು ಹಾಜರಿದ್ದರು.
